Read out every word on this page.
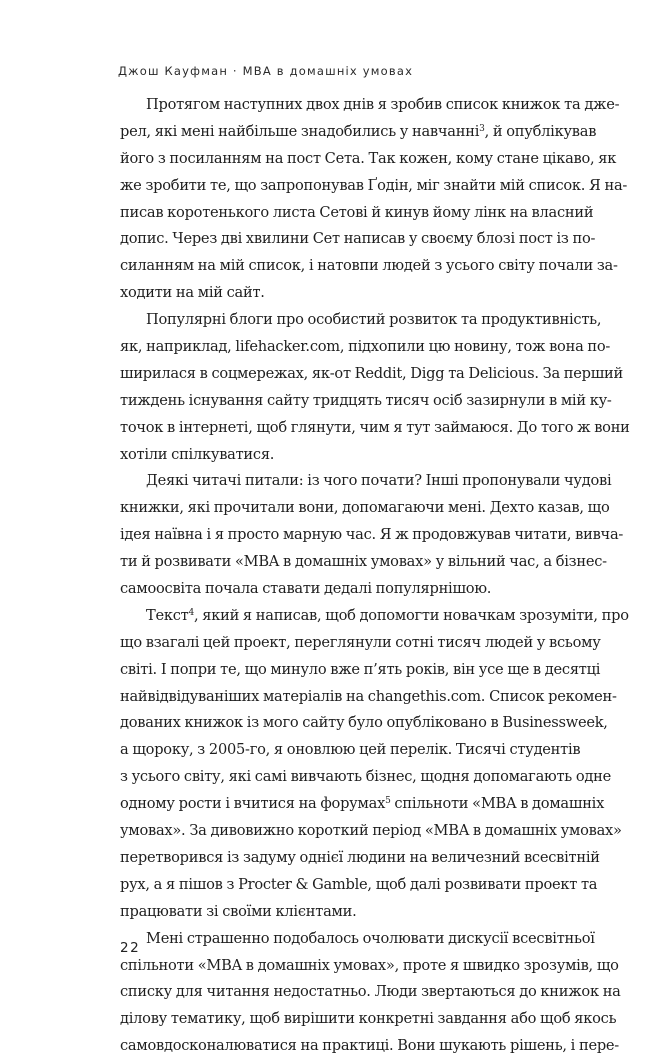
Джош Кауфман · MBA в домашніх умовах
Протягом наступних двох днів я зробив список книжок та дже-
рел, які мені найбільше знадобились у навчанні$^3$, й опублікував
його з посиланням на пост Сета. Так кожен, кому стане цікаво, як
же зробити те, що запропонував Ґодін, міг знайти мій список. Я на-
писав коротенького листа Сетові й кинув йому лінк на власний
допис. Через дві хвилини Сет написав у своєму блозі пост із по-
силанням на мій список, і натовпи людей з усього світу почали за-
ходити на мій сайт.
Популярні блоги про особистий розвиток та продуктивність,
як, наприклад, lifehacker.com, підхопили цю новину, тож вона по-
ширилася в соцмережах, як-от Reddit, Digg та Delicious. За перший
тиждень існування сайту тридцять тисяч осіб зазирнули в мій ку-
точок в інтернеті, щоб глянути, чим я тут займаюся. До того ж вони
хотіли спілкуватися.
Деякі читачі питали: із чого почати? Інші пропонували чудові
книжки, які прочитали вони, допомагаючи мені. Дехто казав, що
ідея наївна і я просто марную час. Я ж продовжував читати, вивча-
ти й розвивати «MBA в домашніх умовах» у вільний час, а бізнес-
самоосвіта почала ставати дедалі популярнішою.
Текст$^4$, який я написав, щоб допомогти новачкам зрозуміти, про
що взагалі цей проект, переглянули сотні тисяч людей у всьому
світі. І попри те, що минуло вже п’ять років, він усе ще в десятці
найвідвідуваніших матеріалів на changethis.com. Список рекомен-
дованих книжок із мого сайту було опубліковано в Businessweek,
а щороку, з 2005-го, я оновлюю цей перелік. Тисячі студентів
з усього світу, які самі вивчають бізнес, щодня допомагають одне
одному рости і вчитися на форумах$^5$ спільноти «MBA в домашніх
умовах». За дивовижно короткий період «MBA в домашніх умовах»
перетворився із задуму однієї людини на величезний всесвітній
рух, а я пішов з Procter & Gamble, щоб далі розвивати проект та
працювати зі своїми клієнтами.
Мені страшенно подобалось очолювати дискусії всесвітньої
спільноти «MBA в домашніх умовах», проте я швидко зрозумів, що
списку для читання недостатньо. Люди звертаються до книжок на
ділову тематику, щоб вирішити конкретні завдання або щоб якось
самовдосконалюватися на практиці. Вони шукають рішень, і пере-
22
